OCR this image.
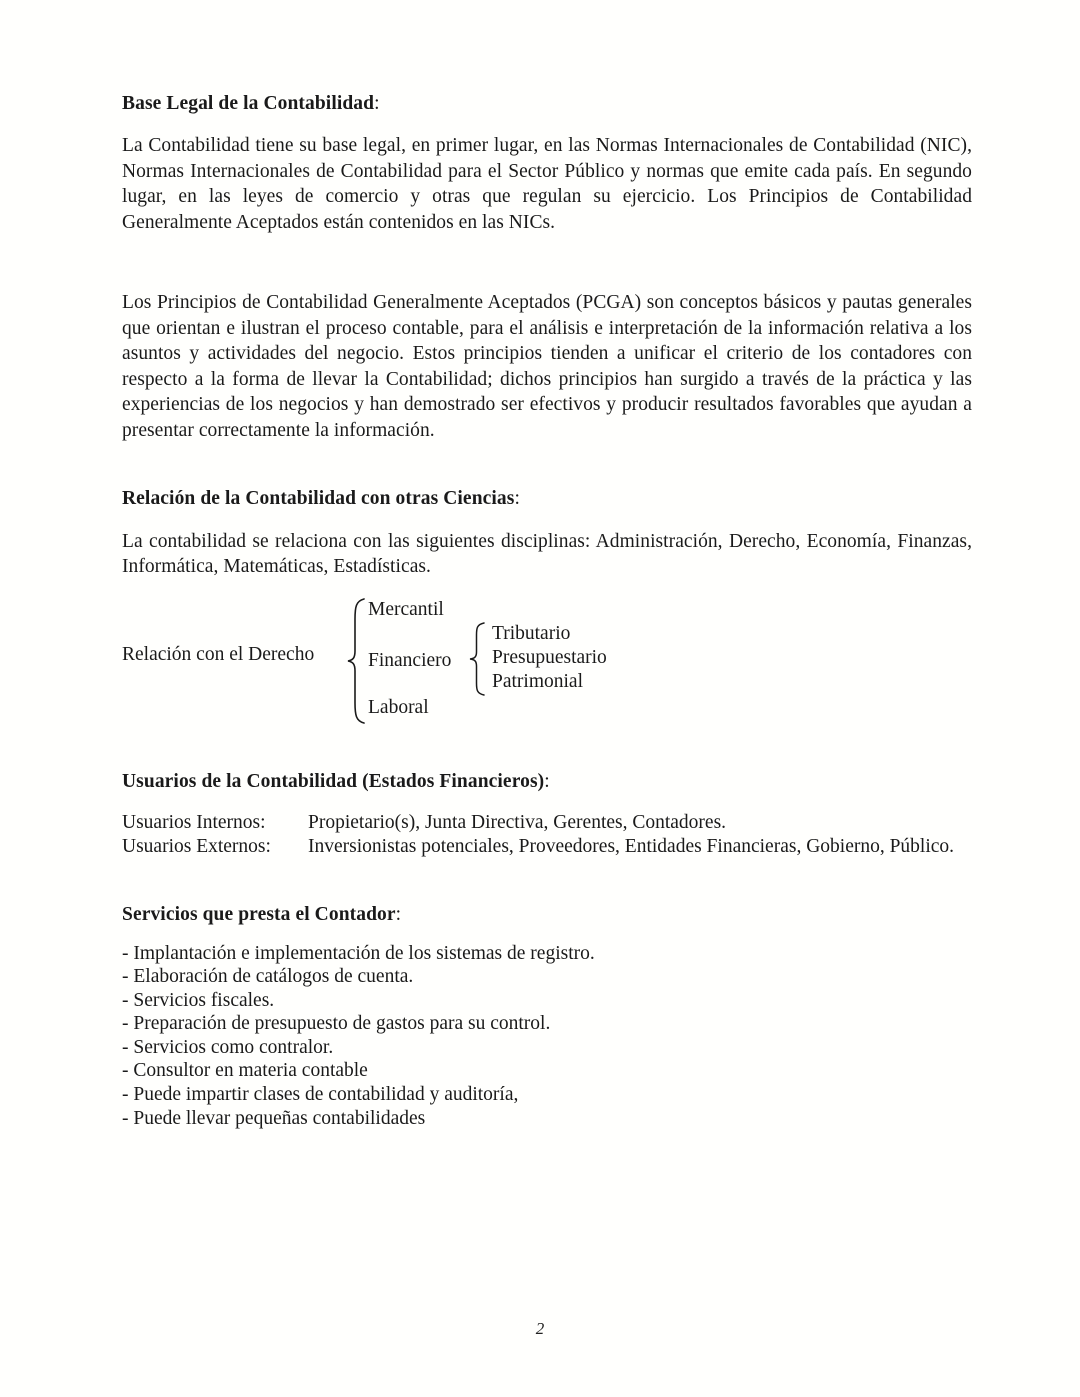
Base Legal de la Contabilidad:

La Contabilidad tiene su base legal, en primer lugar, en las Normas Internacionales de Contabilidad (NIC), Normas Internacionales de Contabilidad para el Sector Público y normas que emite cada país. En segundo lugar, en las leyes de comercio y otras que regulan su ejercicio. Los Principios de Contabilidad Generalmente Aceptados están contenidos en las NICs.

Los Principios de Contabilidad Generalmente Aceptados (PCGA) son conceptos básicos y pautas generales que orientan e ilustran el proceso contable, para el análisis e interpretación de la información relativa a los asuntos y actividades del negocio. Estos principios tienden a unificar el criterio de los contadores con respecto a la forma de llevar la Contabilidad; dichos principios han surgido a través de la práctica y las experiencias de los negocios y han demostrado ser efectivos y producir resultados favorables que ayudan a presentar correctamente la información.

Relación de la Contabilidad con otras Ciencias:

La contabilidad se relaciona con las siguientes disciplinas: Administración, Derecho, Economía, Finanzas, Informática, Matemáticas, Estadísticas.

Relación con el Derecho
Mercantil
Financiero
Laboral
Tributario
Presupuestario
Patrimonial
Usuarios de la Contabilidad (Estados Financieros):
Usuarios Internos:	Propietario(s), Junta Directiva, Gerentes, Contadores.
Usuarios Externos:	Inversionistas potenciales, Proveedores, Entidades Financieras, Gobierno, Público.
Servicios que presta el Contador:
- Implantación e implementación de los sistemas de registro.
- Elaboración de catálogos de cuenta.
- Servicios fiscales.
- Preparación de presupuesto de gastos para su control.
- Servicios como contralor.
- Consultor en materia contable
- Puede impartir clases de contabilidad y auditoría,
- Puede llevar pequeñas contabilidades
2
